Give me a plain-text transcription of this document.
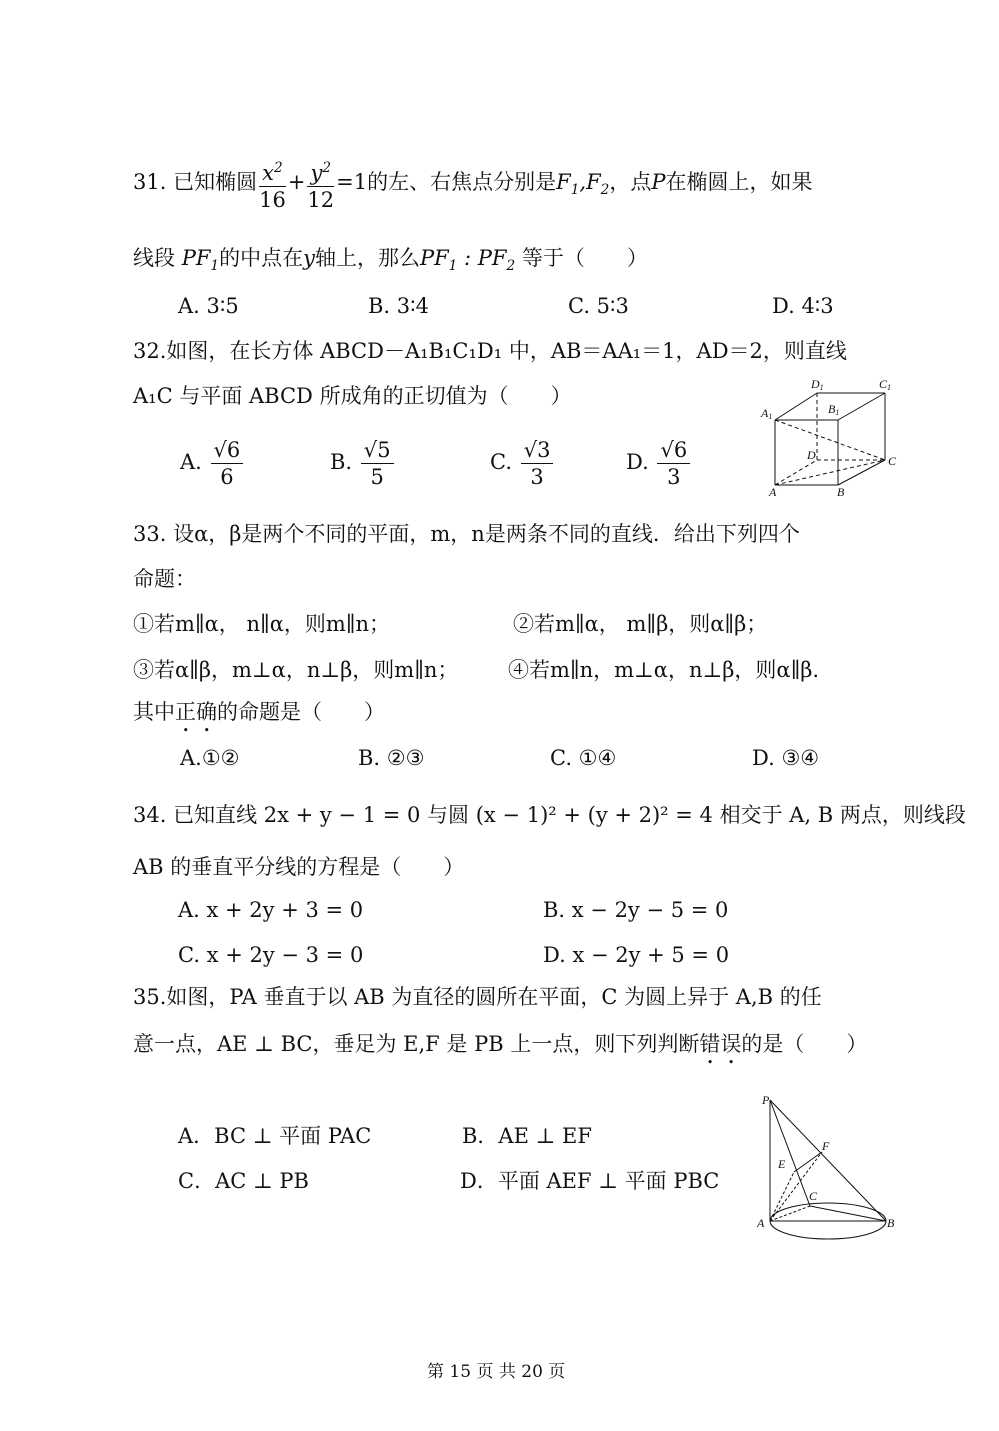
31. 已知椭圆 $\frac{x^2}{16} + \frac{y^2}{12} =1$的左、右焦点分别是$F_1,F_2$，点P在椭圆上，如果
线段 $PF_1$的中点在y轴上，那么$PF_1$ : $PF_2$ 等于（　　）
A. 3∶5	B. 3∶4	C. 5∶3	D. 4∶3
32.如图，在长方体 ABCD－A₁B₁C₁D₁ 中，AB＝AA₁＝1，AD＝2，则直线
A₁C 与平面 ABCD 所成角的正切值为（　　）
A. $\frac{√6}{6}$	B. $\frac{√5}{5}$	C. $\frac{√3}{3}$	D. $\frac{√6}{3}$
D1	C1
A1
B1
D	C
A	B
33. 设α，β是两个不同的平面，m，n是两条不同的直线．给出下列四个
命题：
①若m∥α， n∥α，则m∥n；	②若m∥α， m∥β，则α∥β；
③若α∥β，m⊥α，n⊥β，则m∥n； ④若m∥n，m⊥α，n⊥β，则α∥β.
其中正确的命题是（　　）
A.①②	B. ②③	C. ①④	D. ③④
34. 已知直线 2x + y − 1 = 0 与圆 (x − 1)² + (y + 2)² = 4 相交于 A, B 两点，则线段
AB 的垂直平分线的方程是（　　）
A. x + 2y + 3 = 0	B. x − 2y − 5 = 0
C. x + 2y − 3 = 0	D. x − 2y + 5 = 0
35.如图，PA 垂直于以 AB 为直径的圆所在平面，C 为圆上异于 A,B 的任
意一点，AE ⊥ BC，垂足为 E,F 是 PB 上一点，则下列判断错误的是（　　）
A．BC ⊥ 平面 PAC	B．AE ⊥ EF
C．AC ⊥ PB	D．平面 AEF ⊥ 平面 PBC
P
F
E
C
A	B
第 15 页 共 20 页
